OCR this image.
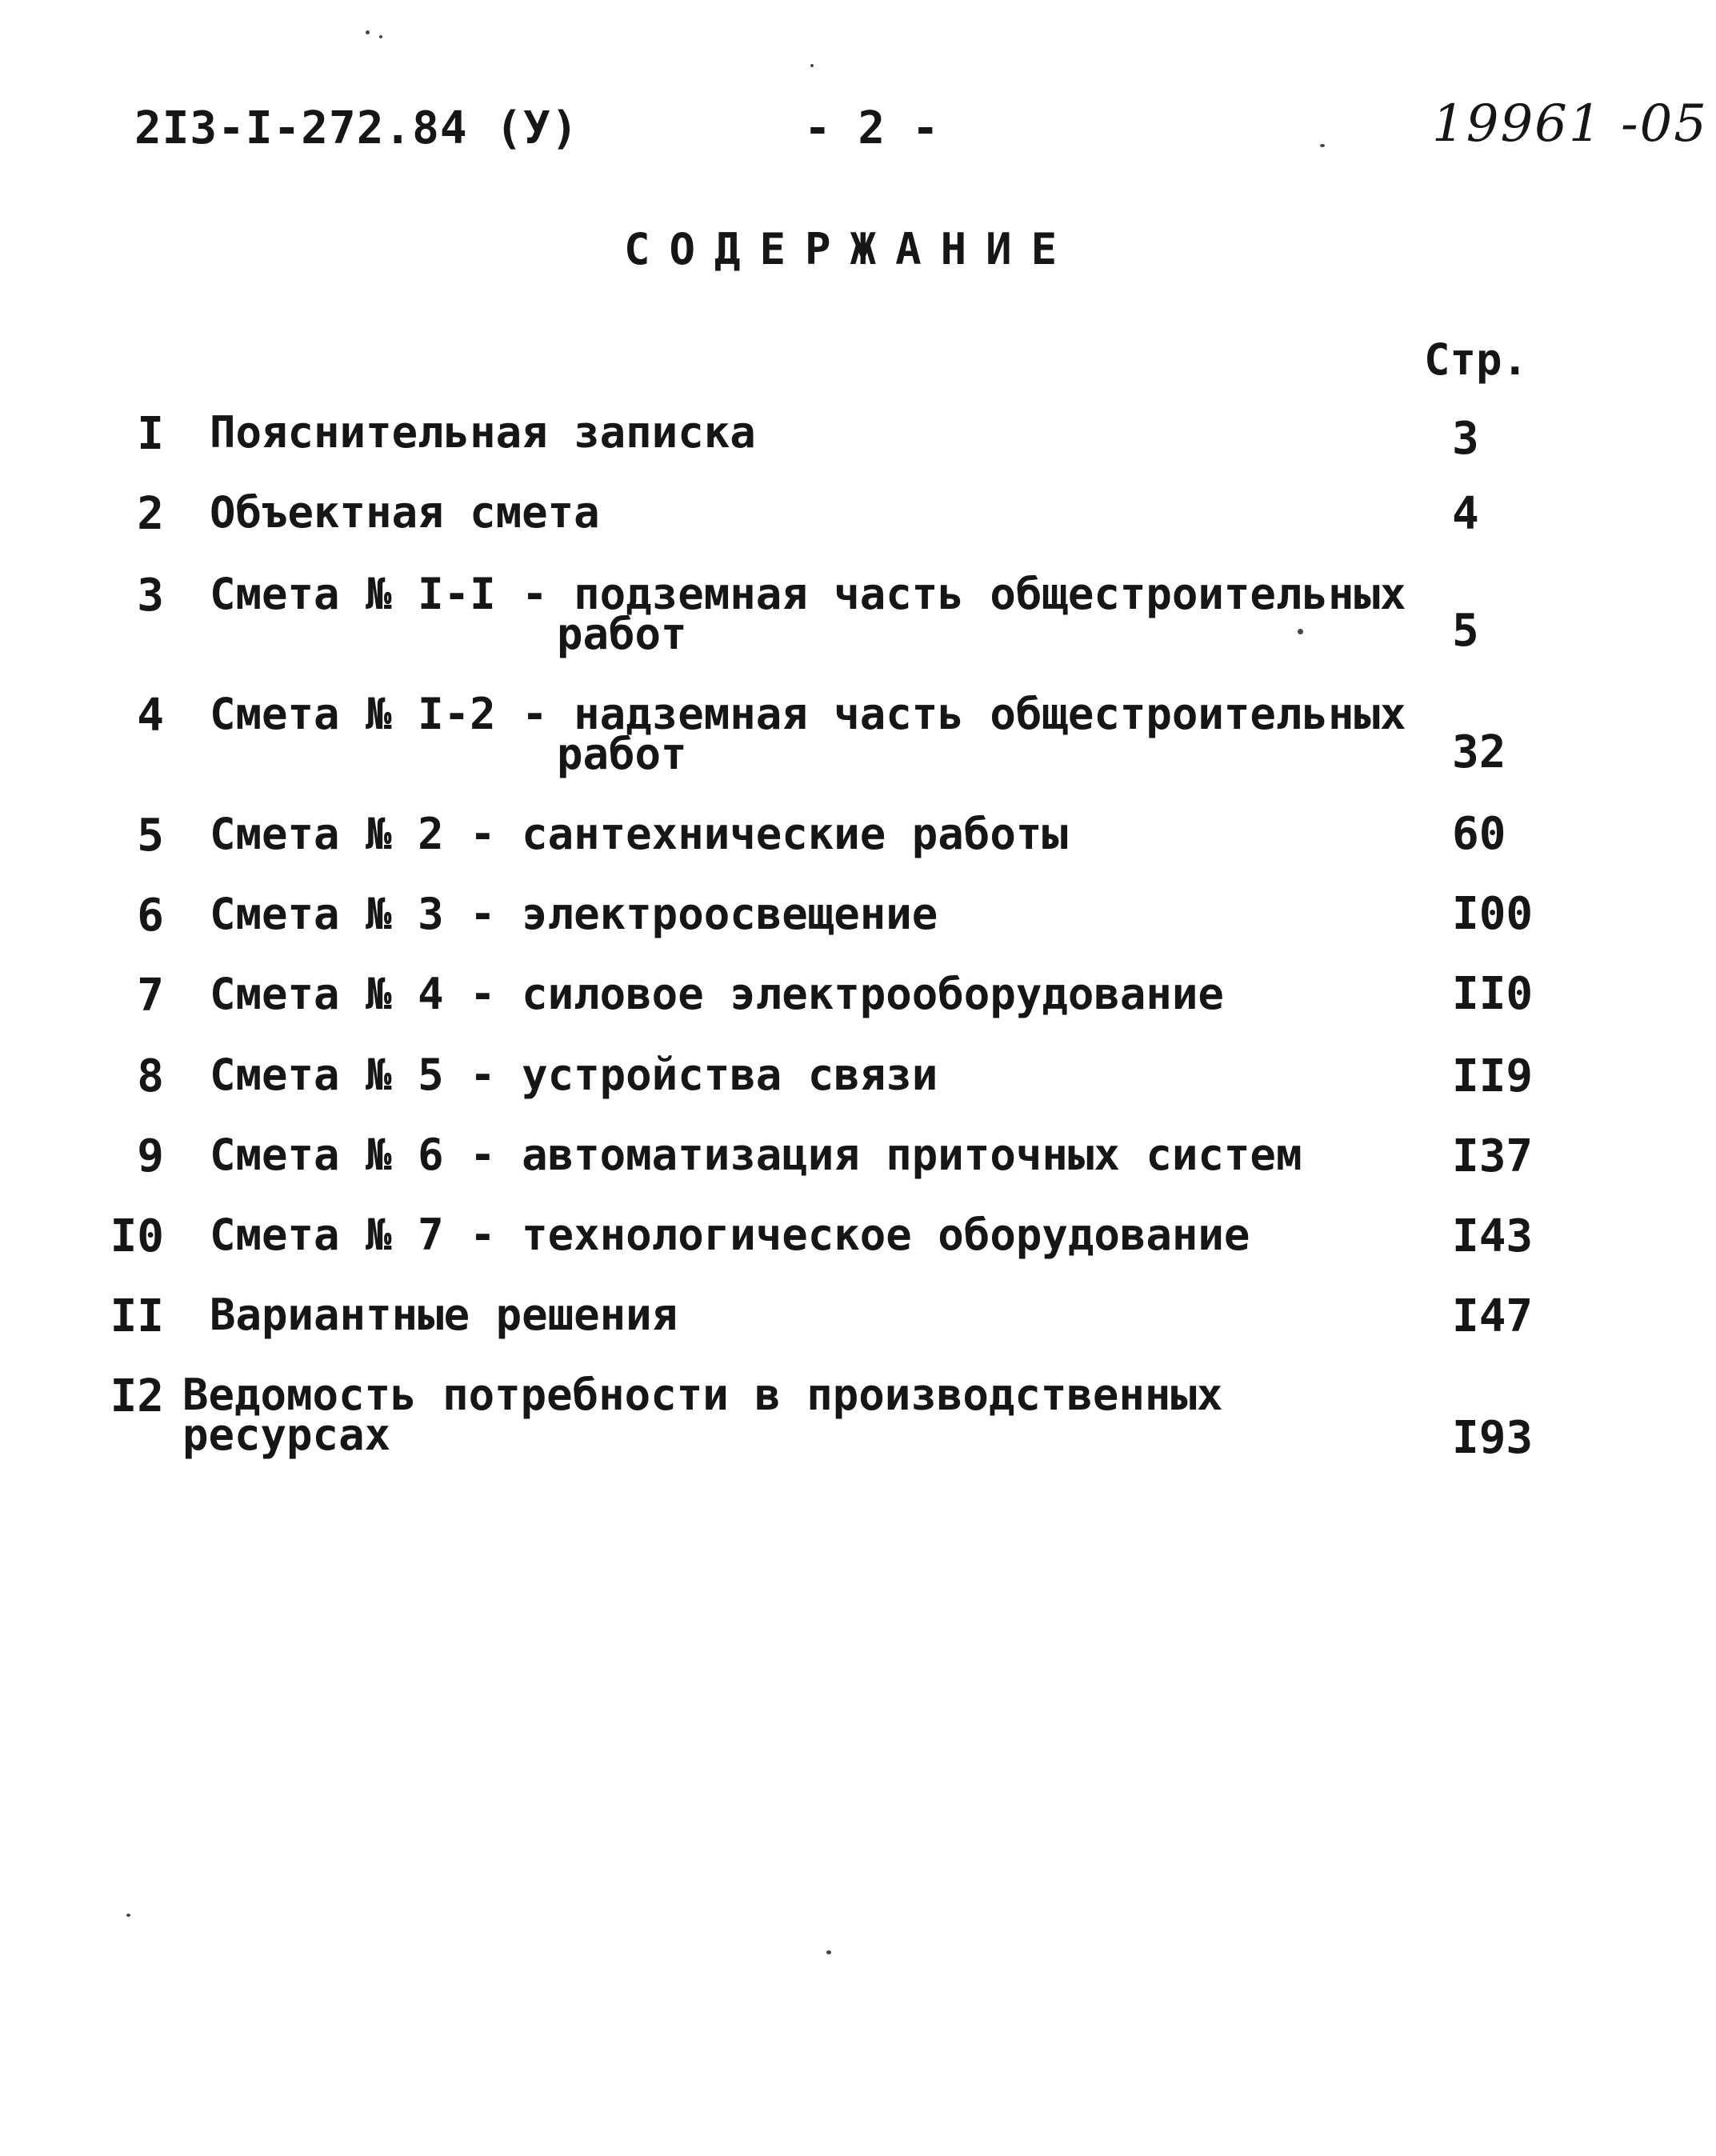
2I3-I-272.84 (У)	- 2 -	19961 -05
СОДЕРЖАНИЕ
Стр.
I Пояснительная записка	3
2 Объектная смета	4
3 Смета № I-I - подземная часть общестроительных
работ	5
4 Смета № I-2 - надземная часть общестроительных
работ	32
5 Смета № 2 - сантехнические работы	60
6 Смета № 3 - электроосвещение	I00
7 Смета № 4 - силовое электрооборудование	II0
8 Смета № 5 - устройства связи	II9
9 Смета № 6 - автоматизация приточных систем	I37
I0 Смета № 7 - технологическое оборудование	I43
II Вариантные решения	I47
I2 Ведомость потребности в производственных
ресурсах	I93
